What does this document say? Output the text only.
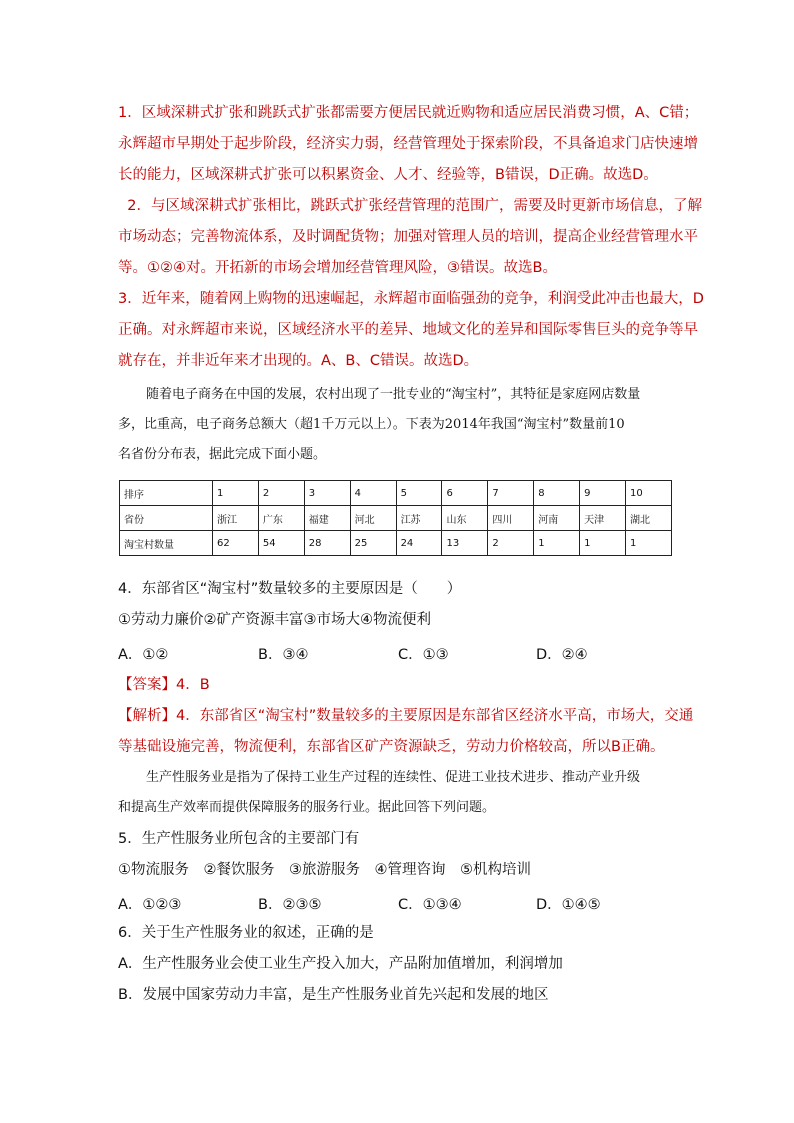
1．区域深耕式扩张和跳跃式扩张都需要方便居民就近购物和适应居民消费习惯，A、C错；
永辉超市早期处于起步阶段，经济实力弱，经营管理处于探索阶段，不具备追求门店快速增
长的能力，区域深耕式扩张可以积累资金、人才、经验等，B错误，D正确。故选D。
2．与区域深耕式扩张相比，跳跃式扩张经营管理的范围广，需要及时更新市场信息，了解
市场动态；完善物流体系，及时调配货物；加强对管理人员的培训，提高企业经营管理水平
等。①②④对。开拓新的市场会增加经营管理风险，③错误。故选B。
3．近年来，随着网上购物的迅速崛起，永辉超市面临强劲的竞争，利润受此冲击也最大，D
正确。对永辉超市来说，区域经济水平的差异、地域文化的差异和国际零售巨头的竞争等早
就存在，并非近年来才出现的。A、B、C错误。故选D。
随着电子商务在中国的发展，农村出现了一批专业的“淘宝村”，其特征是家庭网店数量
多，比重高，电子商务总额大（超1千万元以上）。下表为2014年我国“淘宝村”数量前10
名省份分布表，据此完成下面小题。
排序	1	2	3	4	5	6	7	8	9	10
省份	浙江	广东	福建	河北	江苏	山东	四川	河南	天津	湖北
淘宝村数量	62	54	28	25	24	13	2	1	1	1
4．东部省区“淘宝村”数量较多的主要原因是（　　）
①劳动力廉价②矿产资源丰富③市场大④物流便利
A．①②	B．③④	C．①③	D．②④
【答案】4．B
【解析】4．东部省区“淘宝村”数量较多的主要原因是东部省区经济水平高，市场大，交通
等基础设施完善，物流便利，东部省区矿产资源缺乏，劳动力价格较高，所以B正确。
生产性服务业是指为了保持工业生产过程的连续性、促进工业技术进步、推动产业升级
和提高生产效率而提供保障服务的服务行业。据此回答下列问题。
5．生产性服务业所包含的主要部门有
①物流服务　②餐饮服务　③旅游服务　④管理咨询　⑤机构培训
A．①②③	B．②③⑤	C．①③④	D．①④⑤
6．关于生产性服务业的叙述，正确的是
A．生产性服务业会使工业生产投入加大，产品附加值增加，利润增加
B．发展中国家劳动力丰富，是生产性服务业首先兴起和发展的地区
